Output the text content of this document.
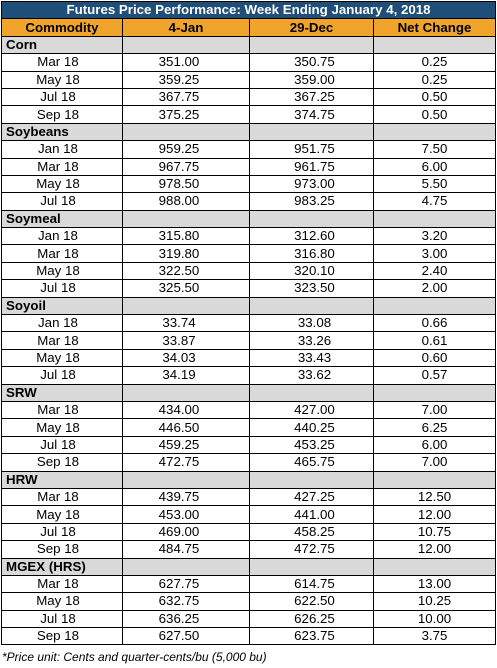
Futures Price Performance: Week Ending January 4, 2018			
Commodity	4-Jan	29-Dec	Net Change
Corn			
Mar 18	351.00	350.75	0.25
May 18	359.25	359.00	0.25
Jul 18	367.75	367.25	0.50
Sep 18	375.25	374.75	0.50
Soybeans			
Jan 18	959.25	951.75	7.50
Mar 18	967.75	961.75	6.00
May 18	978.50	973.00	5.50
Jul 18	988.00	983.25	4.75
Soymeal			
Jan 18	315.80	312.60	3.20
Mar 18	319.80	316.80	3.00
May 18	322.50	320.10	2.40
Jul 18	325.50	323.50	2.00
Soyoil			
Jan 18	33.74	33.08	0.66
Mar 18	33.87	33.26	0.61
May 18	34.03	33.43	0.60
Jul 18	34.19	33.62	0.57
SRW			
Mar 18	434.00	427.00	7.00
May 18	446.50	440.25	6.25
Jul 18	459.25	453.25	6.00
Sep 18	472.75	465.75	7.00
HRW			
Mar 18	439.75	427.25	12.50
May 18	453.00	441.00	12.00
Jul 18	469.00	458.25	10.75
Sep 18	484.75	472.75	12.00
MGEX (HRS)			
Mar 18	627.75	614.75	13.00
May 18	632.75	622.50	10.25
Jul 18	636.25	626.25	10.00
Sep 18	627.50	623.75	3.75
*Price unit: Cents and quarter-cents/bu (5,000 bu)
